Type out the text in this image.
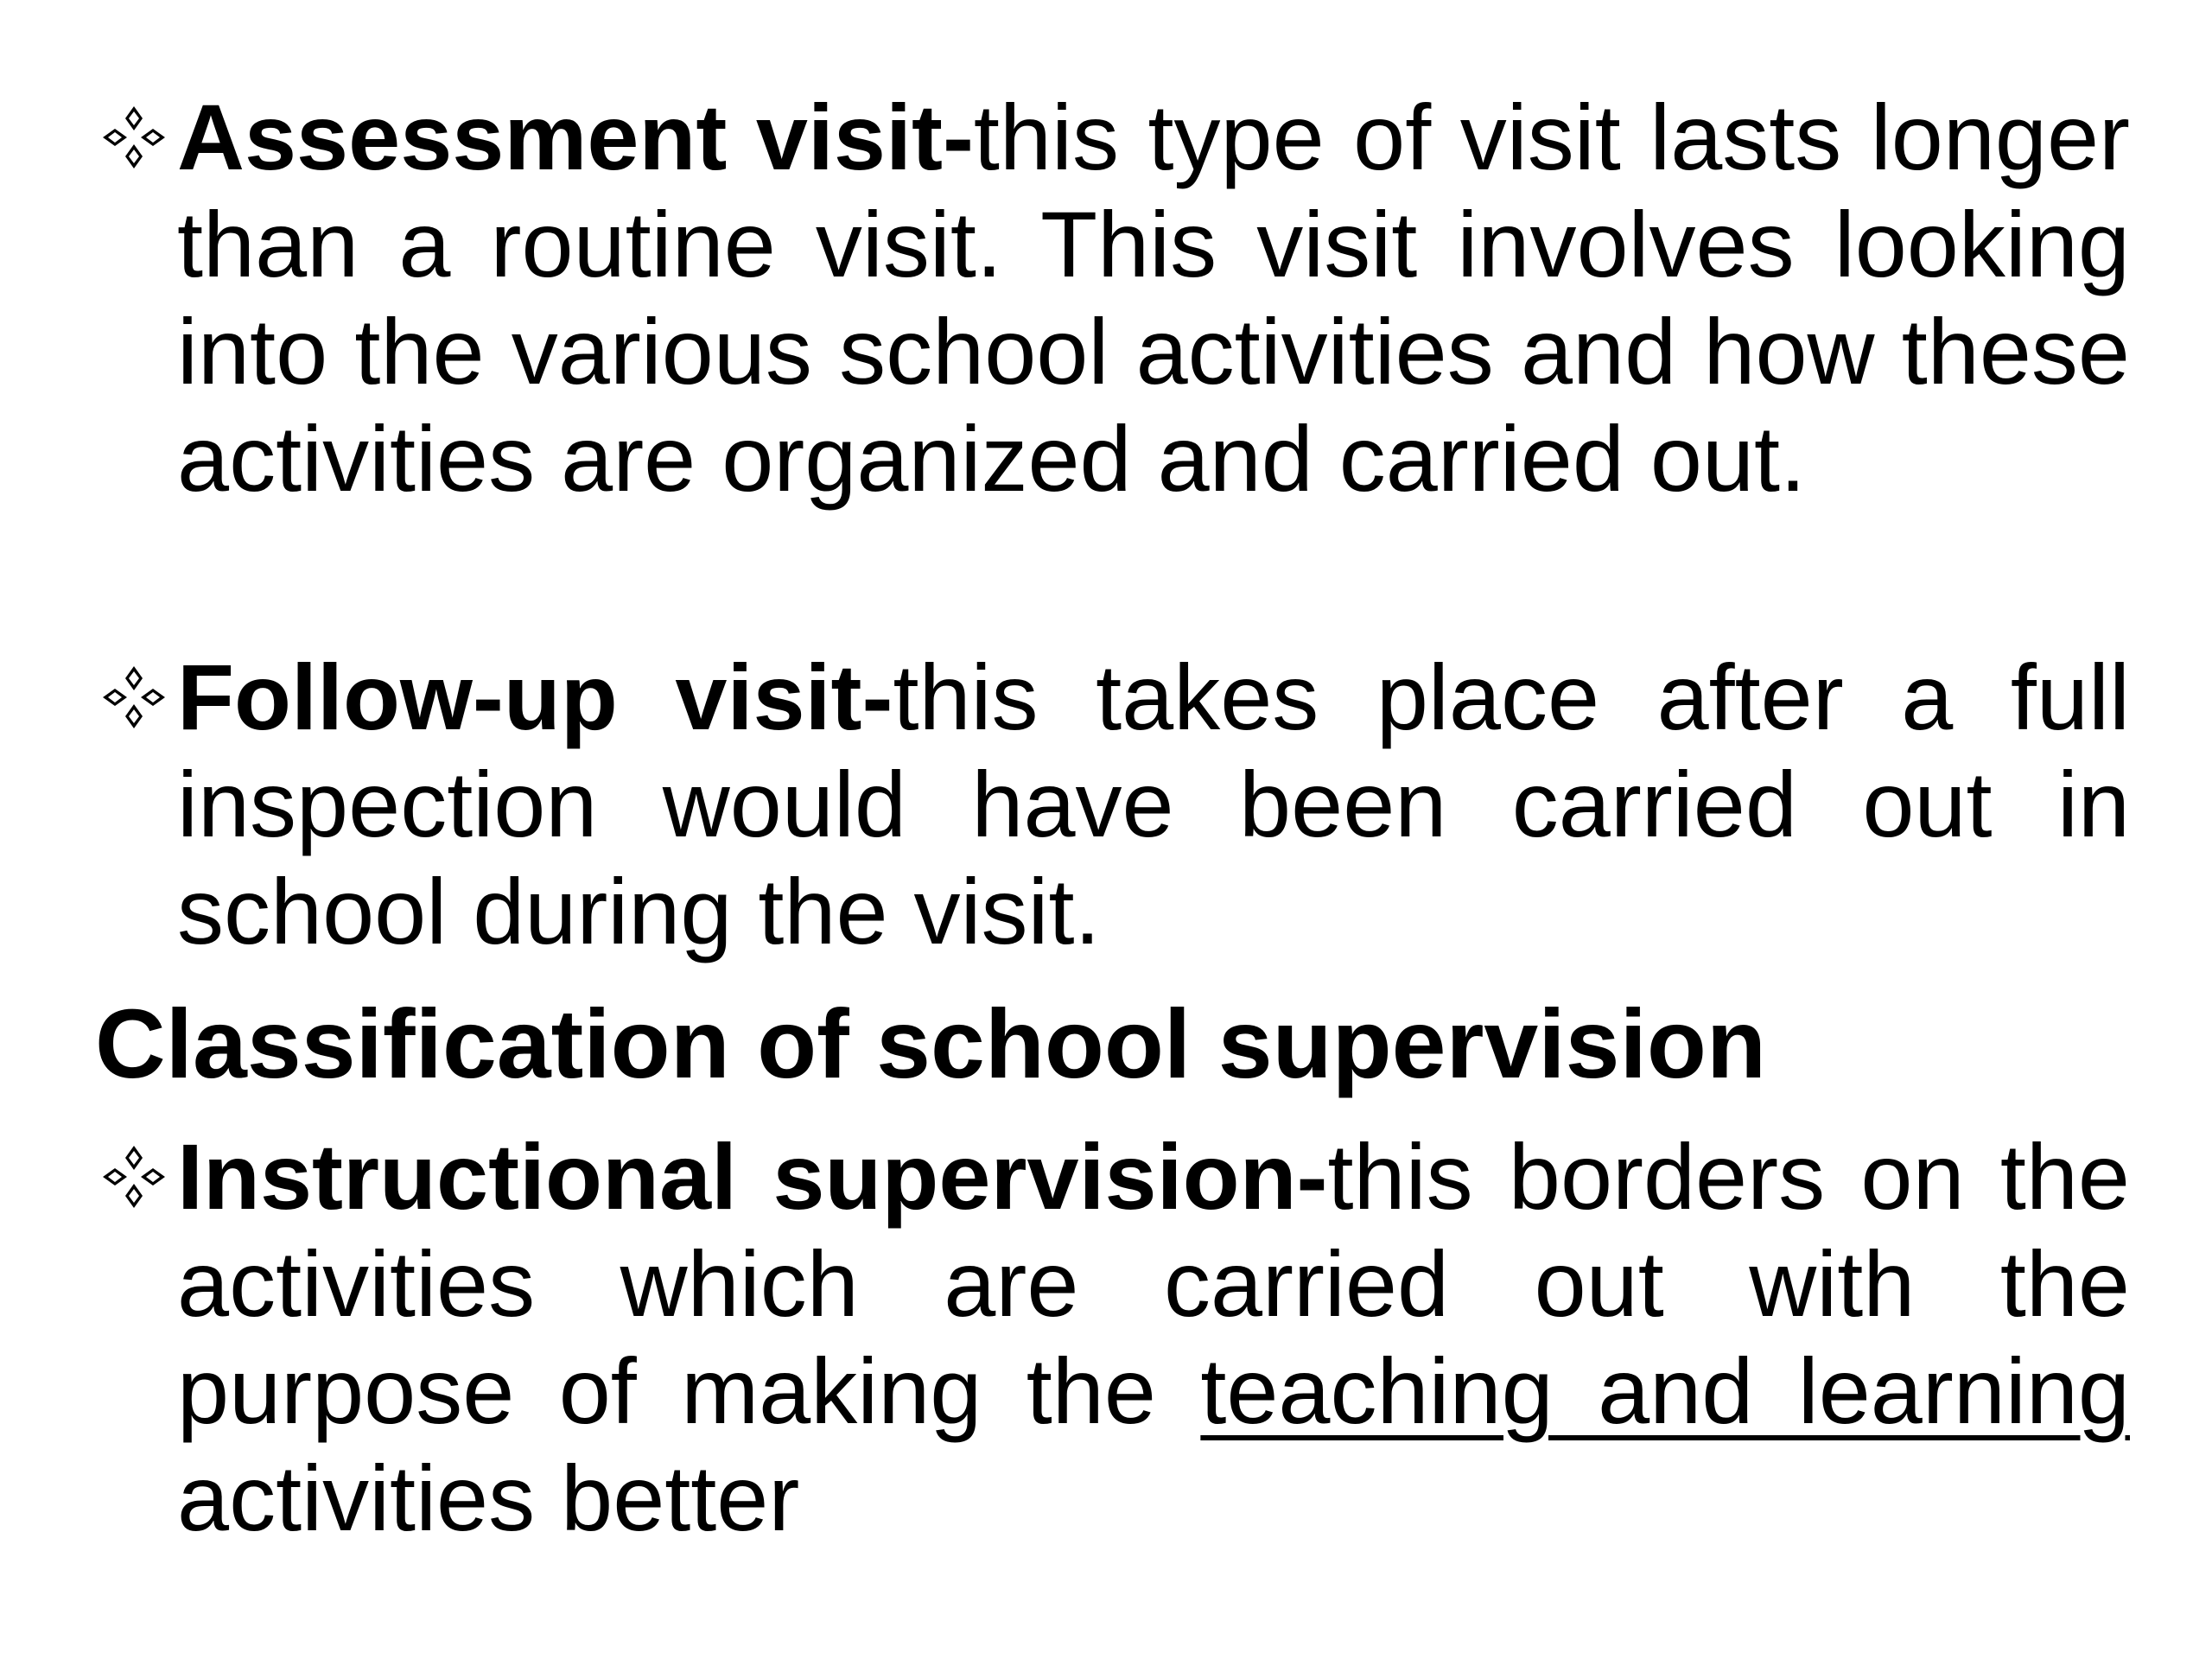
Assessment visit-this type of visit lasts longer than a routine visit. This visit involves looking into the various school activities and how these activities are organized and carried out.

Follow-up visit-this takes place after a full inspection would have been carried out in school during the visit.

Classification of school supervision

Instructional supervision-this borders on the activities which are carried out with the purpose of making the teaching and learning activities better
